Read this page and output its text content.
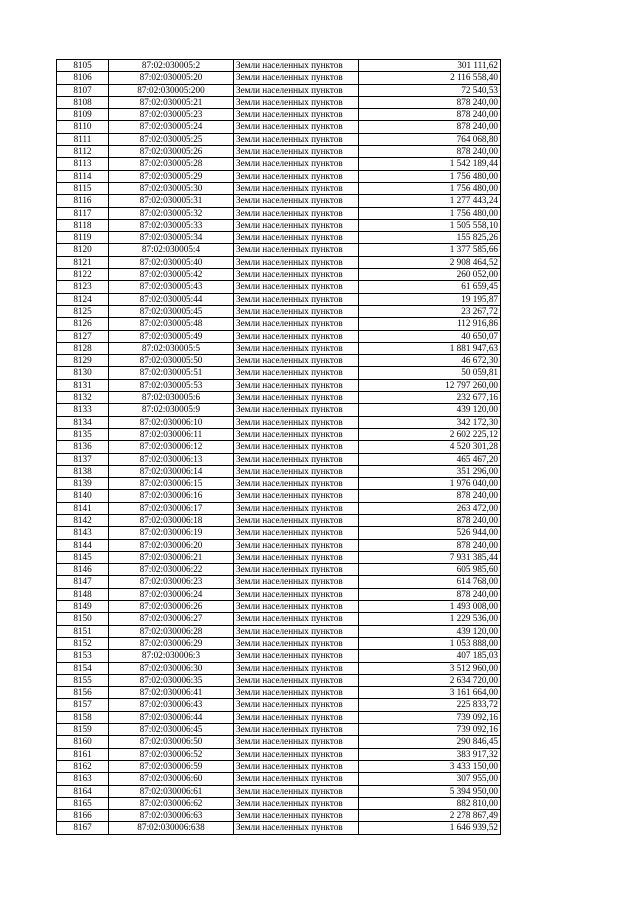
8105	87:02:030005:2	Земли населенных пунктов	301 111,62
8106	87:02:030005:20	Земли населенных пунктов	2 116 558,40
8107	87:02:030005:200	Земли населенных пунктов	72 540,53
8108	87:02:030005:21	Земли населенных пунктов	878 240,00
8109	87:02:030005:23	Земли населенных пунктов	878 240,00
8110	87:02:030005:24	Земли населенных пунктов	878 240,00
8111	87:02:030005:25	Земли населенных пунктов	764 068,80
8112	87:02:030005:26	Земли населенных пунктов	878 240,00
8113	87:02:030005:28	Земли населенных пунктов	1 542 189,44
8114	87:02:030005:29	Земли населенных пунктов	1 756 480,00
8115	87:02:030005:30	Земли населенных пунктов	1 756 480,00
8116	87:02:030005:31	Земли населенных пунктов	1 277 443,24
8117	87:02:030005:32	Земли населенных пунктов	1 756 480,00
8118	87:02:030005:33	Земли населенных пунктов	1 505 558,10
8119	87:02:030005:34	Земли населенных пунктов	155 825,26
8120	87:02:030005:4	Земли населенных пунктов	1 377 585,66
8121	87:02:030005:40	Земли населенных пунктов	2 908 464,52
8122	87:02:030005:42	Земли населенных пунктов	260 052,00
8123	87:02:030005:43	Земли населенных пунктов	61 659,45
8124	87:02:030005:44	Земли населенных пунктов	19 195,87
8125	87:02:030005:45	Земли населенных пунктов	23 267,72
8126	87:02:030005:48	Земли населенных пунктов	112 916,86
8127	87:02:030005:49	Земли населенных пунктов	40 650,07
8128	87:02:030005:5	Земли населенных пунктов	1 881 947,63
8129	87:02:030005:50	Земли населенных пунктов	46 672,30
8130	87:02:030005:51	Земли населенных пунктов	50 059,81
8131	87:02:030005:53	Земли населенных пунктов	12 797 260,00
8132	87:02:030005:6	Земли населенных пунктов	232 677,16
8133	87:02:030005:9	Земли населенных пунктов	439 120,00
8134	87:02:030006:10	Земли населенных пунктов	342 172,30
8135	87:02:030006:11	Земли населенных пунктов	2 602 225,12
8136	87:02:030006:12	Земли населенных пунктов	4 520 301,28
8137	87:02:030006:13	Земли населенных пунктов	465 467,20
8138	87:02:030006:14	Земли населенных пунктов	351 296,00
8139	87:02:030006:15	Земли населенных пунктов	1 976 040,00
8140	87:02:030006:16	Земли населенных пунктов	878 240,00
8141	87:02:030006:17	Земли населенных пунктов	263 472,00
8142	87:02:030006:18	Земли населенных пунктов	878 240,00
8143	87:02:030006:19	Земли населенных пунктов	526 944,00
8144	87:02:030006:20	Земли населенных пунктов	878 240,00
8145	87:02:030006:21	Земли населенных пунктов	7 931 385,44
8146	87:02:030006:22	Земли населенных пунктов	605 985,60
8147	87:02:030006:23	Земли населенных пунктов	614 768,00
8148	87:02:030006:24	Земли населенных пунктов	878 240,00
8149	87:02:030006:26	Земли населенных пунктов	1 493 008,00
8150	87:02:030006:27	Земли населенных пунктов	1 229 536,00
8151	87:02:030006:28	Земли населенных пунктов	439 120,00
8152	87:02:030006:29	Земли населенных пунктов	1 053 888,00
8153	87:02:030006:3	Земли населенных пунктов	407 185,03
8154	87:02:030006:30	Земли населенных пунктов	3 512 960,00
8155	87:02:030006:35	Земли населенных пунктов	2 634 720,00
8156	87:02:030006:41	Земли населенных пунктов	3 161 664,00
8157	87:02:030006:43	Земли населенных пунктов	225 833,72
8158	87:02:030006:44	Земли населенных пунктов	739 092,16
8159	87:02:030006:45	Земли населенных пунктов	739 092,16
8160	87:02:030006:50	Земли населенных пунктов	290 846,45
8161	87:02:030006:52	Земли населенных пунктов	383 917,32
8162	87:02:030006:59	Земли населенных пунктов	3 433 150,00
8163	87:02:030006:60	Земли населенных пунктов	307 955,00
8164	87:02:030006:61	Земли населенных пунктов	5 394 950,00
8165	87:02:030006:62	Земли населенных пунктов	882 810,00
8166	87:02:030006:63	Земли населенных пунктов	2 278 867,49
8167	87:02:030006:638	Земли населенных пунктов	1 646 939,52
